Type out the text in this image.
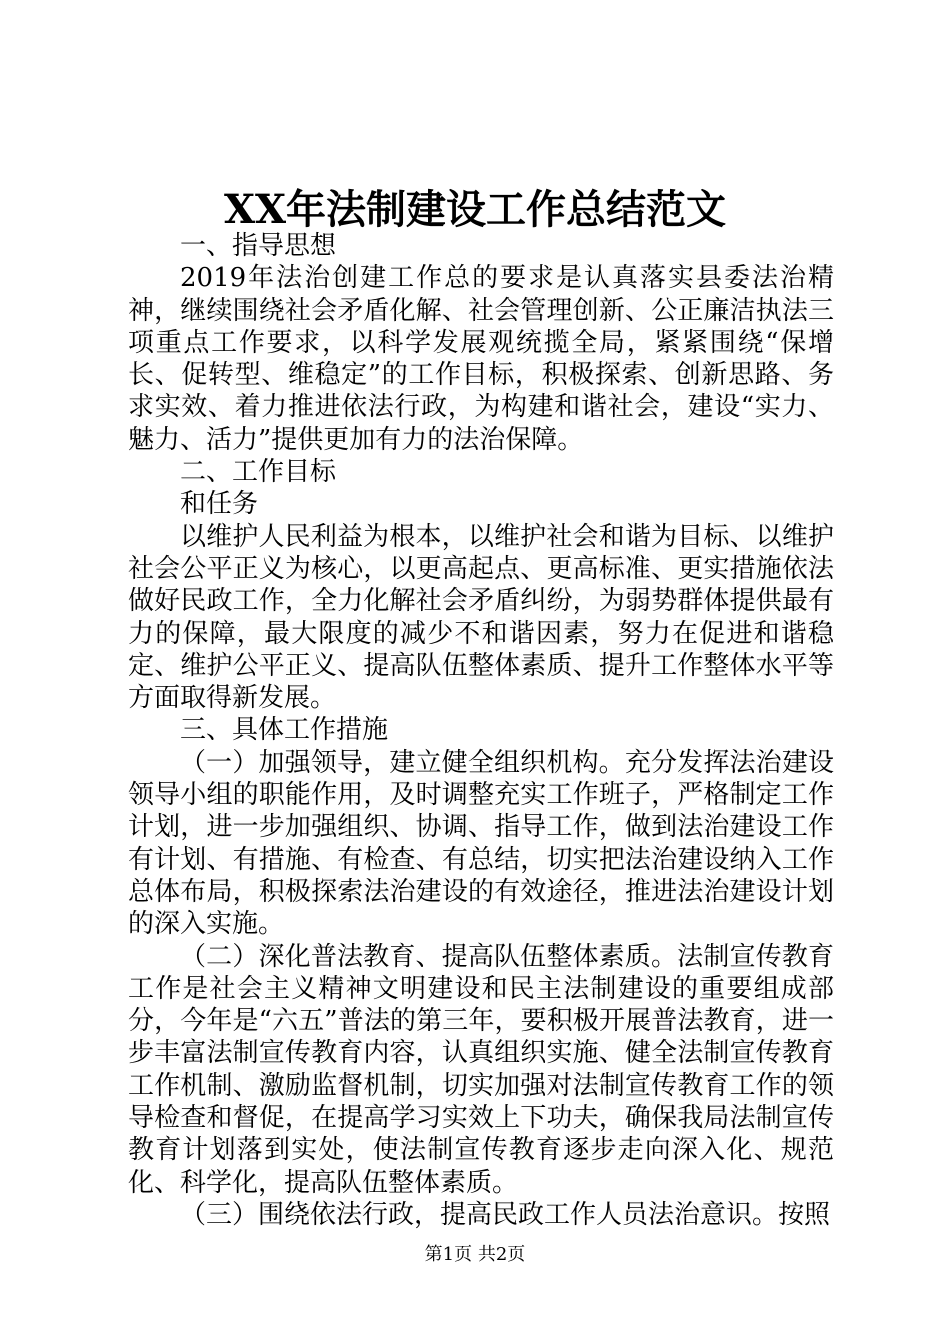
XX年法制建设工作总结范文

一、指导思想

2019年法治创建工作总的要求是认真落实县委法治精神，继续围绕社会矛盾化解、社会管理创新、公正廉洁执法三项重点工作要求，以科学发展观统揽全局，紧紧围绕“保增长、促转型、维稳定”的工作目标，积极探索、创新思路、务求实效、着力推进依法行政，为构建和谐社会，建设“实力、魅力、活力”提供更加有力的法治保障。

二、工作目标

和任务

以维护人民利益为根本，以维护社会和谐为目标、以维护社会公平正义为核心，以更高起点、更高标准、更实措施依法做好民政工作，全力化解社会矛盾纠纷，为弱势群体提供最有力的保障，最大限度的减少不和谐因素，努力在促进和谐稳定、维护公平正义、提高队伍整体素质、提升工作整体水平等方面取得新发展。

三、具体工作措施

（一）加强领导，建立健全组织机构。充分发挥法治建设领导小组的职能作用，及时调整充实工作班子，严格制定工作计划，进一步加强组织、协调、指导工作，做到法治建设工作有计划、有措施、有检查、有总结，切实把法治建设纳入工作总体布局，积极探索法治建设的有效途径，推进法治建设计划的深入实施。

（二）深化普法教育、提高队伍整体素质。法制宣传教育工作是社会主义精神文明建设和民主法制建设的重要组成部分，今年是“六五”普法的第三年，要积极开展普法教育，进一步丰富法制宣传教育内容，认真组织实施、健全法制宣传教育工作机制、激励监督机制，切实加强对法制宣传教育工作的领导检查和督促，在提高学习实效上下功夫，确保我局法制宣传教育计划落到实处，使法制宣传教育逐步走向深入化、规范化、科学化，提高队伍整体素质。

（三）围绕依法行政，提高民政工作人员法治意识。按照

第1页 共2页
